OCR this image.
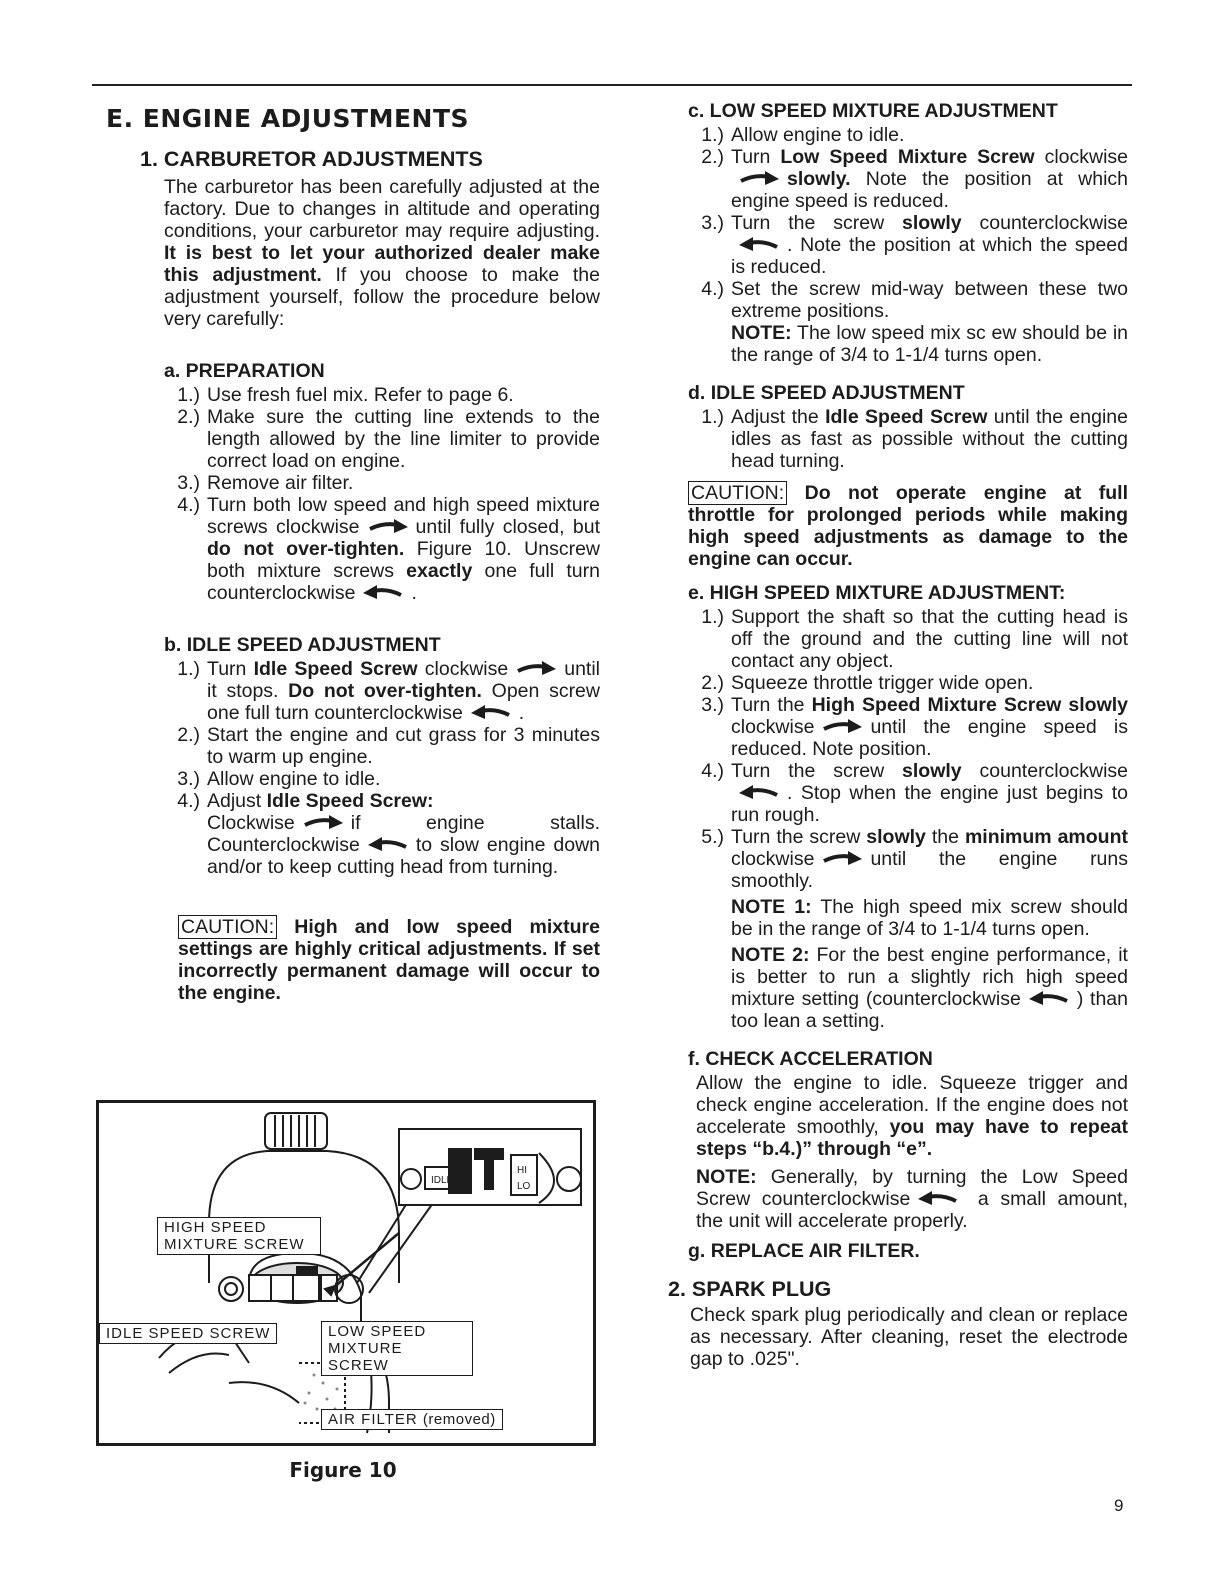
E. ENGINE ADJUSTMENTS
1. CARBURETOR ADJUSTMENTS

The carburetor has been carefully adjusted at the factory. Due to changes in altitude and operating conditions, your carburetor may require adjusting. It is best to let your authorized dealer make this adjustment. If you choose to make the adjustment yourself, follow the procedure below very carefully:

a. PREPARATION
1.) Use fresh fuel mix. Refer to page 6.
2.) Make sure the cutting line extends to the length allowed by the line limiter to provide correct load on engine.
3.) Remove air filter.
4.) Turn both low speed and high speed mixture screws clockwise	until fully closed, but do not over-tighten. Figure 10. Unscrew both mixture screws exactly one full turn counterclockwise	.
b. IDLE SPEED ADJUSTMENT
1.) Turn Idle Speed Screw clockwise	until it stops. Do not over-tighten. Open screw one full turn counterclockwise	.
2.) Start the engine and cut grass for 3 minutes to warm up engine.
3.) Allow engine to idle.
4.) Adjust Idle Speed Screw:
Clockwise	if engine stalls. Counterclockwise	to slow engine down and/or to keep cutting head from turning.

CAUTION: High and low speed mixture settings are highly critical adjustments. If set incorrectly permanent damage will occur to the engine.

IDLE
HI
LO
HIGH SPEED MIXTURE SCREW
IDLE SPEED SCREW	LOW SPEED MIXTURE SCREW
AIR FILTER (removed)
Figure 10
c. LOW SPEED MIXTURE ADJUSTMENT
1.) Allow engine to idle.
2.) Turn Low Speed Mixture Screw clockwiseslowly. Note the position at which engine speed is reduced.
3.) Turn the screw slowly counterclockwise. Note the position at which the speed is reduced.
4.) Set the screw mid-way between these two extreme positions.
NOTE: The low speed mix sc ew should be in the range of 3/4 to 1-1/4 turns open.
d. IDLE SPEED ADJUSTMENT
1.) Adjust the Idle Speed Screw until the engine idles as fast as possible without the cutting head turning.

CAUTION: Do not operate engine at full throttle for prolonged periods while making high speed adjustments as damage to the engine can occur.

e. HIGH SPEED MIXTURE ADJUSTMENT:
1.) Support the shaft so that the cutting head is off the ground and the cutting line will not contact any object.
2.) Squeeze throttle trigger wide open.
3.) Turn the High Speed Mixture Screw slowly clockwise	until the engine speed is reduced. Note position.
4.) Turn the screw slowly counterclockwise. Stop when the engine just begins to run rough.
5.) Turn the screw slowly the minimum amount clockwise	until the engine runs smoothly.
NOTE 1: The high speed mix screw should be in the range of 3/4 to 1-1/4 turns open.
NOTE 2: For the best engine performance, it is better to run a slightly rich high speed mixture setting (counterclockwise	) than too lean a setting.
f. CHECK ACCELERATION

Allow the engine to idle. Squeeze trigger and check engine acceleration. If the engine does not accelerate smoothly, you may have to repeat steps “b.4.)” through “e”.

NOTE: Generally, by turning the Low Speed Screw counterclockwise	a small amount, the unit will accelerate properly.

g. REPLACE AIR FILTER.
2. SPARK PLUG

Check spark plug periodically and clean or replace as necessary. After cleaning, reset the electrode gap to .025".

9
